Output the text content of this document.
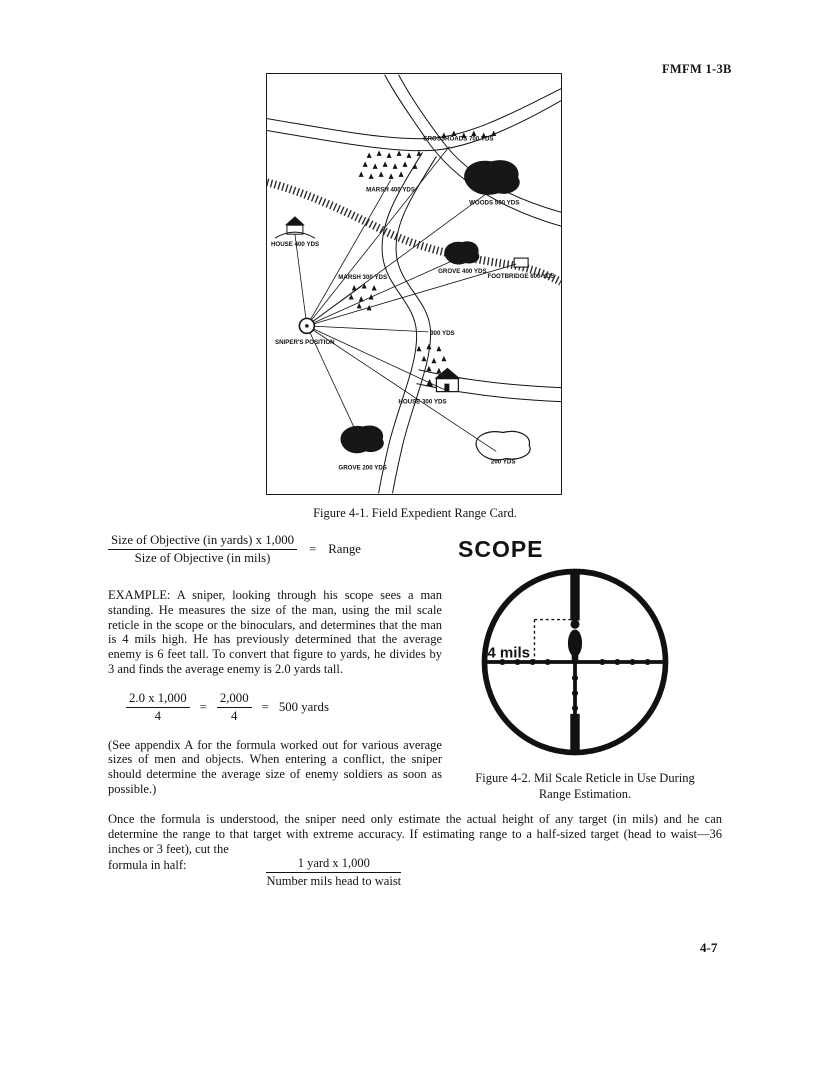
FMFM 1-3B
CROSSROADS 700 YDS
MARSH 400 YDS
HOUSE 400 YDS
MARSH 300 YDS
WOODS 500 YDS
GROVE 400 YDS
FOOTBRIDGE 600 YDS
300 YDS
SNIPER'S POSITION
HOUSE 300 YDS
GROVE 200 YDS
200 YDS
Figure 4-1. Field Expedient Range Card.
$\frac{\text{Size of Objective (in yards) x 1,000}}{\text{Size of Objective (in mils)}}$ = Range

EXAMPLE: A sniper, looking through his scope sees a man standing. He measures the size of the man, using the mil scale reticle in the scope or the binoculars, and determines that the man is 4 mils high. He has previously determined that the average enemy is 6 feet tall. To convert that figure to yards, he divides by 3 and finds the average enemy is 2.0 yards tall.

$\frac{2.0 x 1,000}{4} = \frac{2,000}{4} = 500$ yards

(See appendix A for the formula worked out for various average sizes of men and objects. When entering a conflict, the sniper should determine the average size of enemy soldiers as soon as possible.)

SCOPE
4 mils
Figure 4-2. Mil Scale Reticle in Use During
Range Estimation.

Once the formula is understood, the sniper need only estimate the actual height of any target (in mils) and he can determine the range to that target with extreme accuracy. If estimating range to a half-sized target (head to waist—36 inches or 3 feet), cut the

formula in half:	$\frac{\text{1 yard x 1,000}}{\text{Number mils head to waist}}$
4-7
